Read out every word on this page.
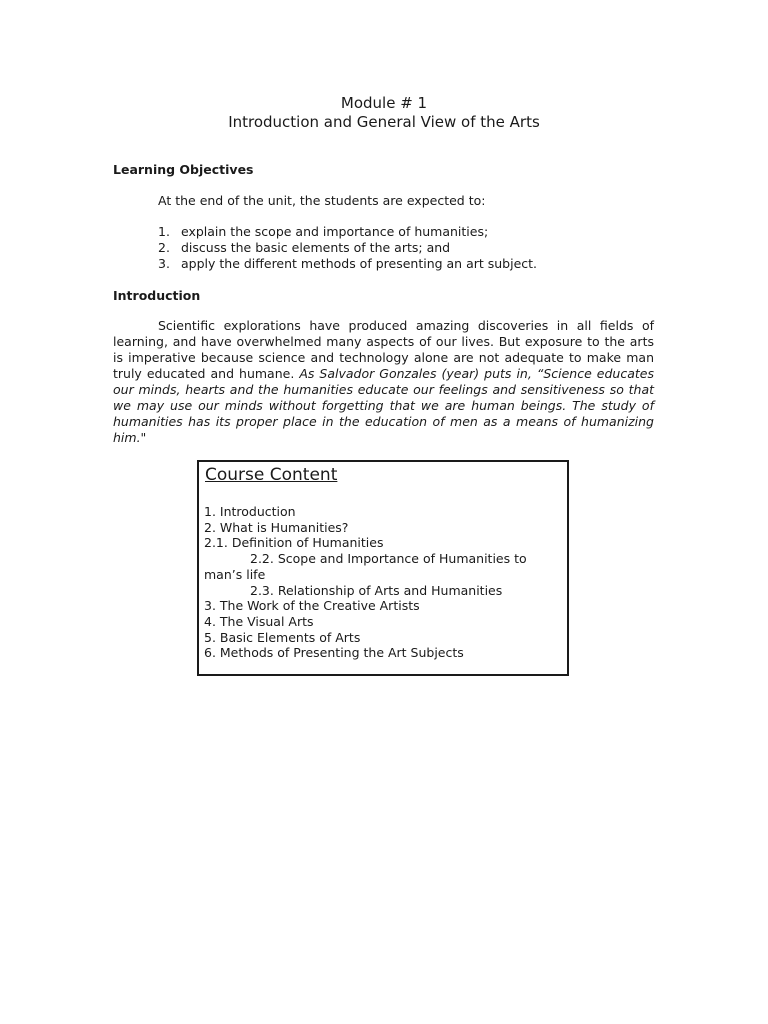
Module # 1

Introduction and General View of the Arts

Learning Objectives

At the end of the unit, the students are expected to:

1. explain the scope and importance of humanities;
2. discuss the basic elements of the arts; and
3. apply the different methods of presenting an art subject.

Introduction

Scientific explorations have produced amazing discoveries in all fields of learning, and have overwhelmed many aspects of our lives. But exposure to the arts is imperative because science and technology alone are not adequate to make man truly educated and humane. As Salvador Gonzales (year) puts in, “Science educates our minds, hearts and the humanities educate our feelings and sensitiveness so that we may use our minds without forgetting that we are human beings. The study of humanities has its proper place in the education of men as a means of humanizing him."

Course Content

1. Introduction
2. What is Humanities?
2.1. Definition of Humanities
2.2. Scope and Importance of Humanities to man’s life
2.3. Relationship of Arts and Humanities
3. The Work of the Creative Artists
4. The Visual Arts
5. Basic Elements of Arts
6. Methods of Presenting the Art Subjects
